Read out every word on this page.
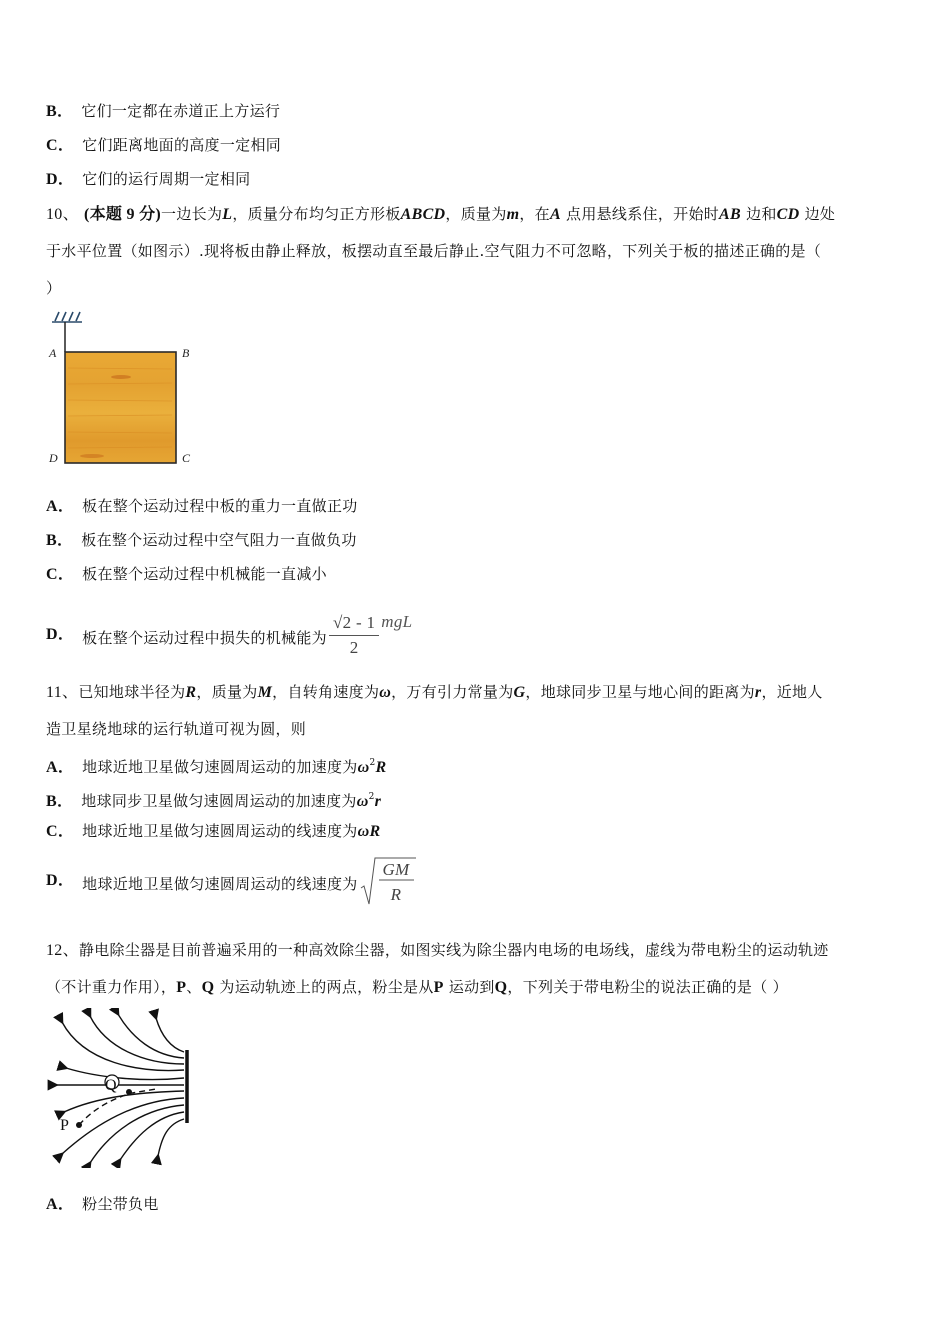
B． 它们一定都在赤道正上方运行
C． 它们距离地面的高度一定相同
D． 它们的运行周期一定相同
10、 (本题 9 分)一边长为L，质量分布均匀正方形板ABCD，质量为m，在A 点用悬线系住，开始时AB 边和CD 边处
于水平位置（如图示）.现将板由静止释放，板摆动直至最后静止.空气阻力不可忽略，下列关于板的描述正确的是（
）
A	B
D	C
A． 板在整个运动过程中板的重力一直做正功
B． 板在整个运动过程中空气阻力一直做负功
C． 板在整个运动过程中机械能一直减小
D． 板在整个运动过程中损失的机械能为 $\frac{√2 - 1}{2}$ mgL
11、已知地球半径为R，质量为M，自转角速度为ω，万有引力常量为G，地球同步卫星与地心间的距离为r，近地人
造卫星绕地球的运行轨道可视为圆，则
A． 地球近地卫星做匀速圆周运动的加速度为$\omega^2R$
B． 地球同步卫星做匀速圆周运动的加速度为$\omega^2r$
C． 地球近地卫星做匀速圆周运动的线速度为ωR
D． 地球近地卫星做匀速圆周运动的线速度为
GM
R
12、静电除尘器是目前普遍采用的一种高效除尘器，如图实线为除尘器内电场的电场线，虚线为带电粉尘的运动轨迹
（不计重力作用），P、Q 为运动轨迹上的两点，粉尘是从P 运动到Q，下列关于带电粉尘的说法正确的是（ ）
Q
P
A． 粉尘带负电
